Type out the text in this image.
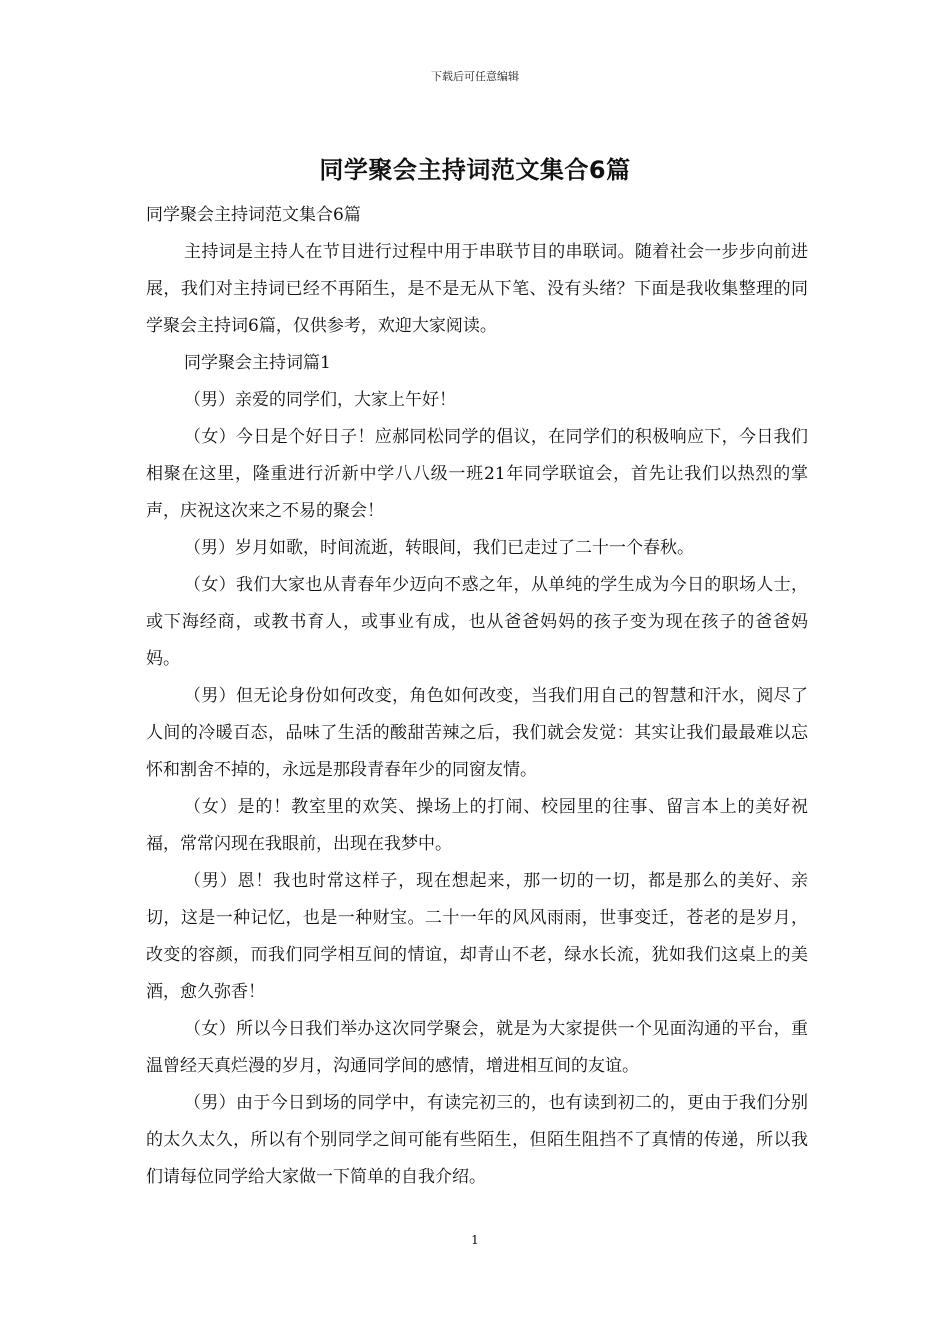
下载后可任意编辑
同学聚会主持词范文集合6篇

同学聚会主持词范文集合6篇

主持词是主持人在节目进行过程中用于串联节目的串联词。随着社会一步步向前进展，我们对主持词已经不再陌生，是不是无从下笔、没有头绪？下面是我收集整理的同学聚会主持词6篇，仅供参考，欢迎大家阅读。

同学聚会主持词篇1

（男）亲爱的同学们，大家上午好！

（女）今日是个好日子！应郝同松同学的倡议，在同学们的积极响应下，今日我们相聚在这里，隆重进行沂新中学八八级一班21年同学联谊会，首先让我们以热烈的掌声，庆祝这次来之不易的聚会！

（男）岁月如歌，时间流逝，转眼间，我们已走过了二十一个春秋。

（女）我们大家也从青春年少迈向不惑之年，从单纯的学生成为今日的职场人士，或下海经商，或教书育人，或事业有成，也从爸爸妈妈的孩子变为现在孩子的爸爸妈妈。

（男）但无论身份如何改变，角色如何改变，当我们用自己的智慧和汗水，阅尽了人间的冷暖百态，品味了生活的酸甜苦辣之后，我们就会发觉：其实让我们最最难以忘怀和割舍不掉的，永远是那段青春年少的同窗友情。

（女）是的！教室里的欢笑、操场上的打闹、校园里的往事、留言本上的美好祝福，常常闪现在我眼前，出现在我梦中。

（男）恩！我也时常这样子，现在想起来，那一切的一切，都是那么的美好、亲切，这是一种记忆，也是一种财宝。二十一年的风风雨雨，世事变迁，苍老的是岁月，改变的容颜，而我们同学相互间的情谊，却青山不老，绿水长流，犹如我们这桌上的美酒，愈久弥香！

（女）所以今日我们举办这次同学聚会，就是为大家提供一个见面沟通的平台，重温曾经天真烂漫的岁月，沟通同学间的感情，增进相互间的友谊。

（男）由于今日到场的同学中，有读完初三的，也有读到初二的，更由于我们分别的太久太久，所以有个别同学之间可能有些陌生，但陌生阻挡不了真情的传递，所以我们请每位同学给大家做一下简单的自我介绍。

1
